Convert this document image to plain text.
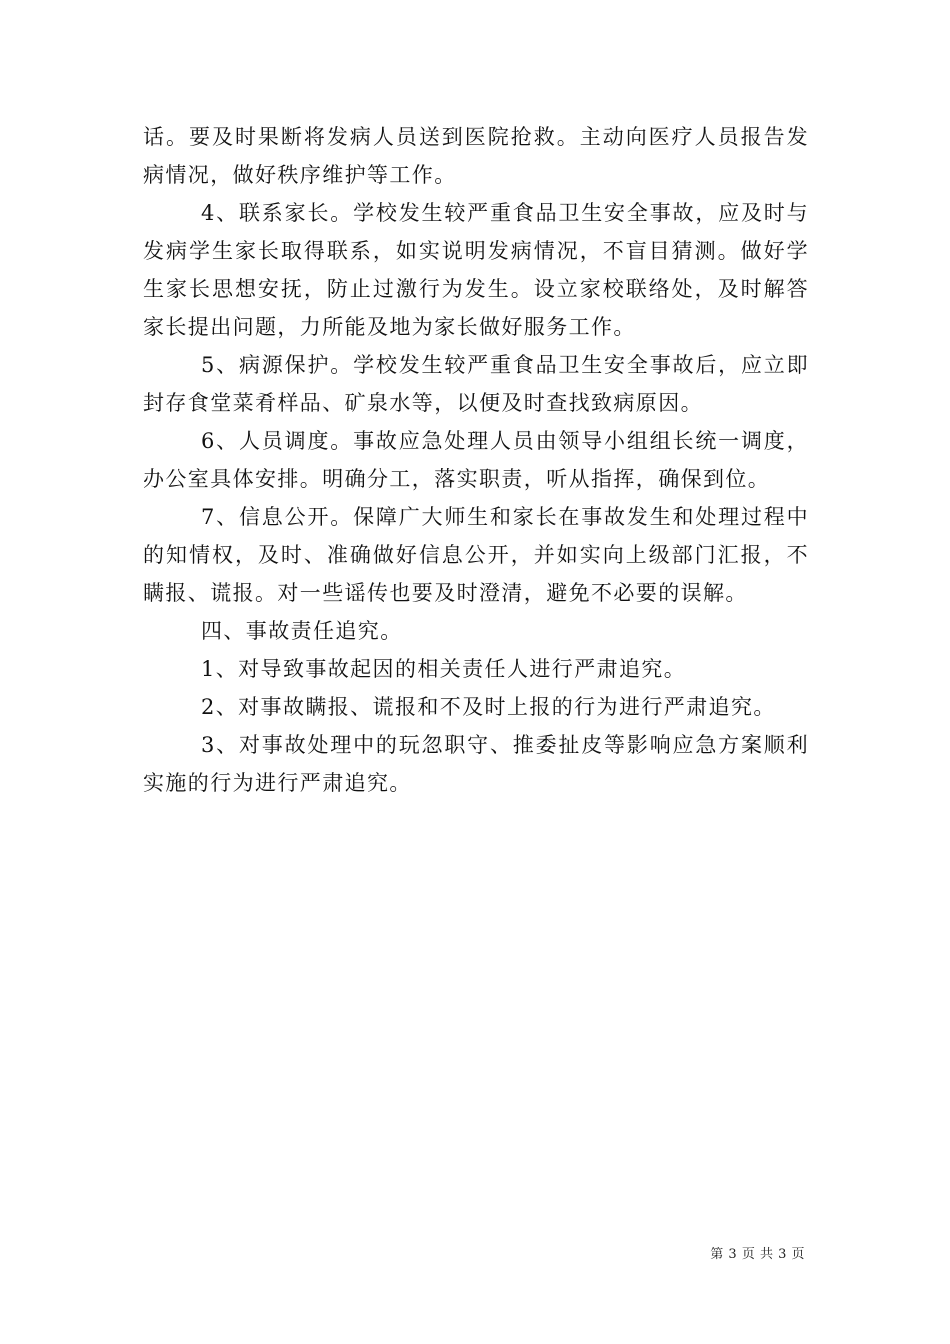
话。要及时果断将发病人员送到医院抢救。主动向医疗人员报告发病情况，做好秩序维护等工作。

4、联系家长。学校发生较严重食品卫生安全事故，应及时与发病学生家长取得联系，如实说明发病情况，不盲目猜测。做好学生家长思想安抚，防止过激行为发生。设立家校联络处，及时解答家长提出问题，力所能及地为家长做好服务工作。

5、病源保护。学校发生较严重食品卫生安全事故后，应立即封存食堂菜肴样品、矿泉水等，以便及时查找致病原因。

6、人员调度。事故应急处理人员由领导小组组长统一调度，办公室具体安排。明确分工，落实职责，听从指挥，确保到位。

7、信息公开。保障广大师生和家长在事故发生和处理过程中的知情权，及时、准确做好信息公开，并如实向上级部门汇报，不瞒报、谎报。对一些谣传也要及时澄清，避免不必要的误解。

四、事故责任追究。

1、对导致事故起因的相关责任人进行严肃追究。

2、对事故瞒报、谎报和不及时上报的行为进行严肃追究。

3、对事故处理中的玩忽职守、推委扯皮等影响应急方案顺利实施的行为进行严肃追究。

第 3 页 共 3 页
